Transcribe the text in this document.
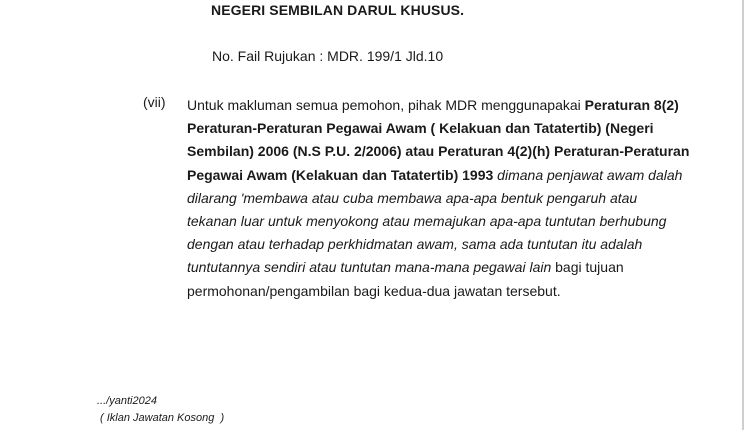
NEGERI SEMBILAN DARUL KHUSUS.
No. Fail Rujukan : MDR. 199/1 Jld.10
(vii) Untuk makluman semua pemohon, pihak MDR menggunapakai Peraturan 8(2)
Peraturan-Peraturan Pegawai Awam ( Kelakuan dan Tatatertib) (Negeri
Sembilan) 2006 (N.S P.U. 2/2006) atau Peraturan 4(2)(h) Peraturan-Peraturan
Pegawai Awam (Kelakuan dan Tatatertib) 1993 dimana penjawat awam dalah
dilarang 'membawa atau cuba membawa apa-apa bentuk pengaruh atau
tekanan luar untuk menyokong atau memajukan apa-apa tuntutan berhubung
dengan atau terhadap perkhidmatan awam, sama ada tuntutan itu adalah
tuntutannya sendiri atau tuntutan mana-mana pegawai lain bagi tujuan
permohonan/pengambilan bagi kedua-dua jawatan tersebut.
.../yanti2024
( Iklan Jawatan Kosong  )
